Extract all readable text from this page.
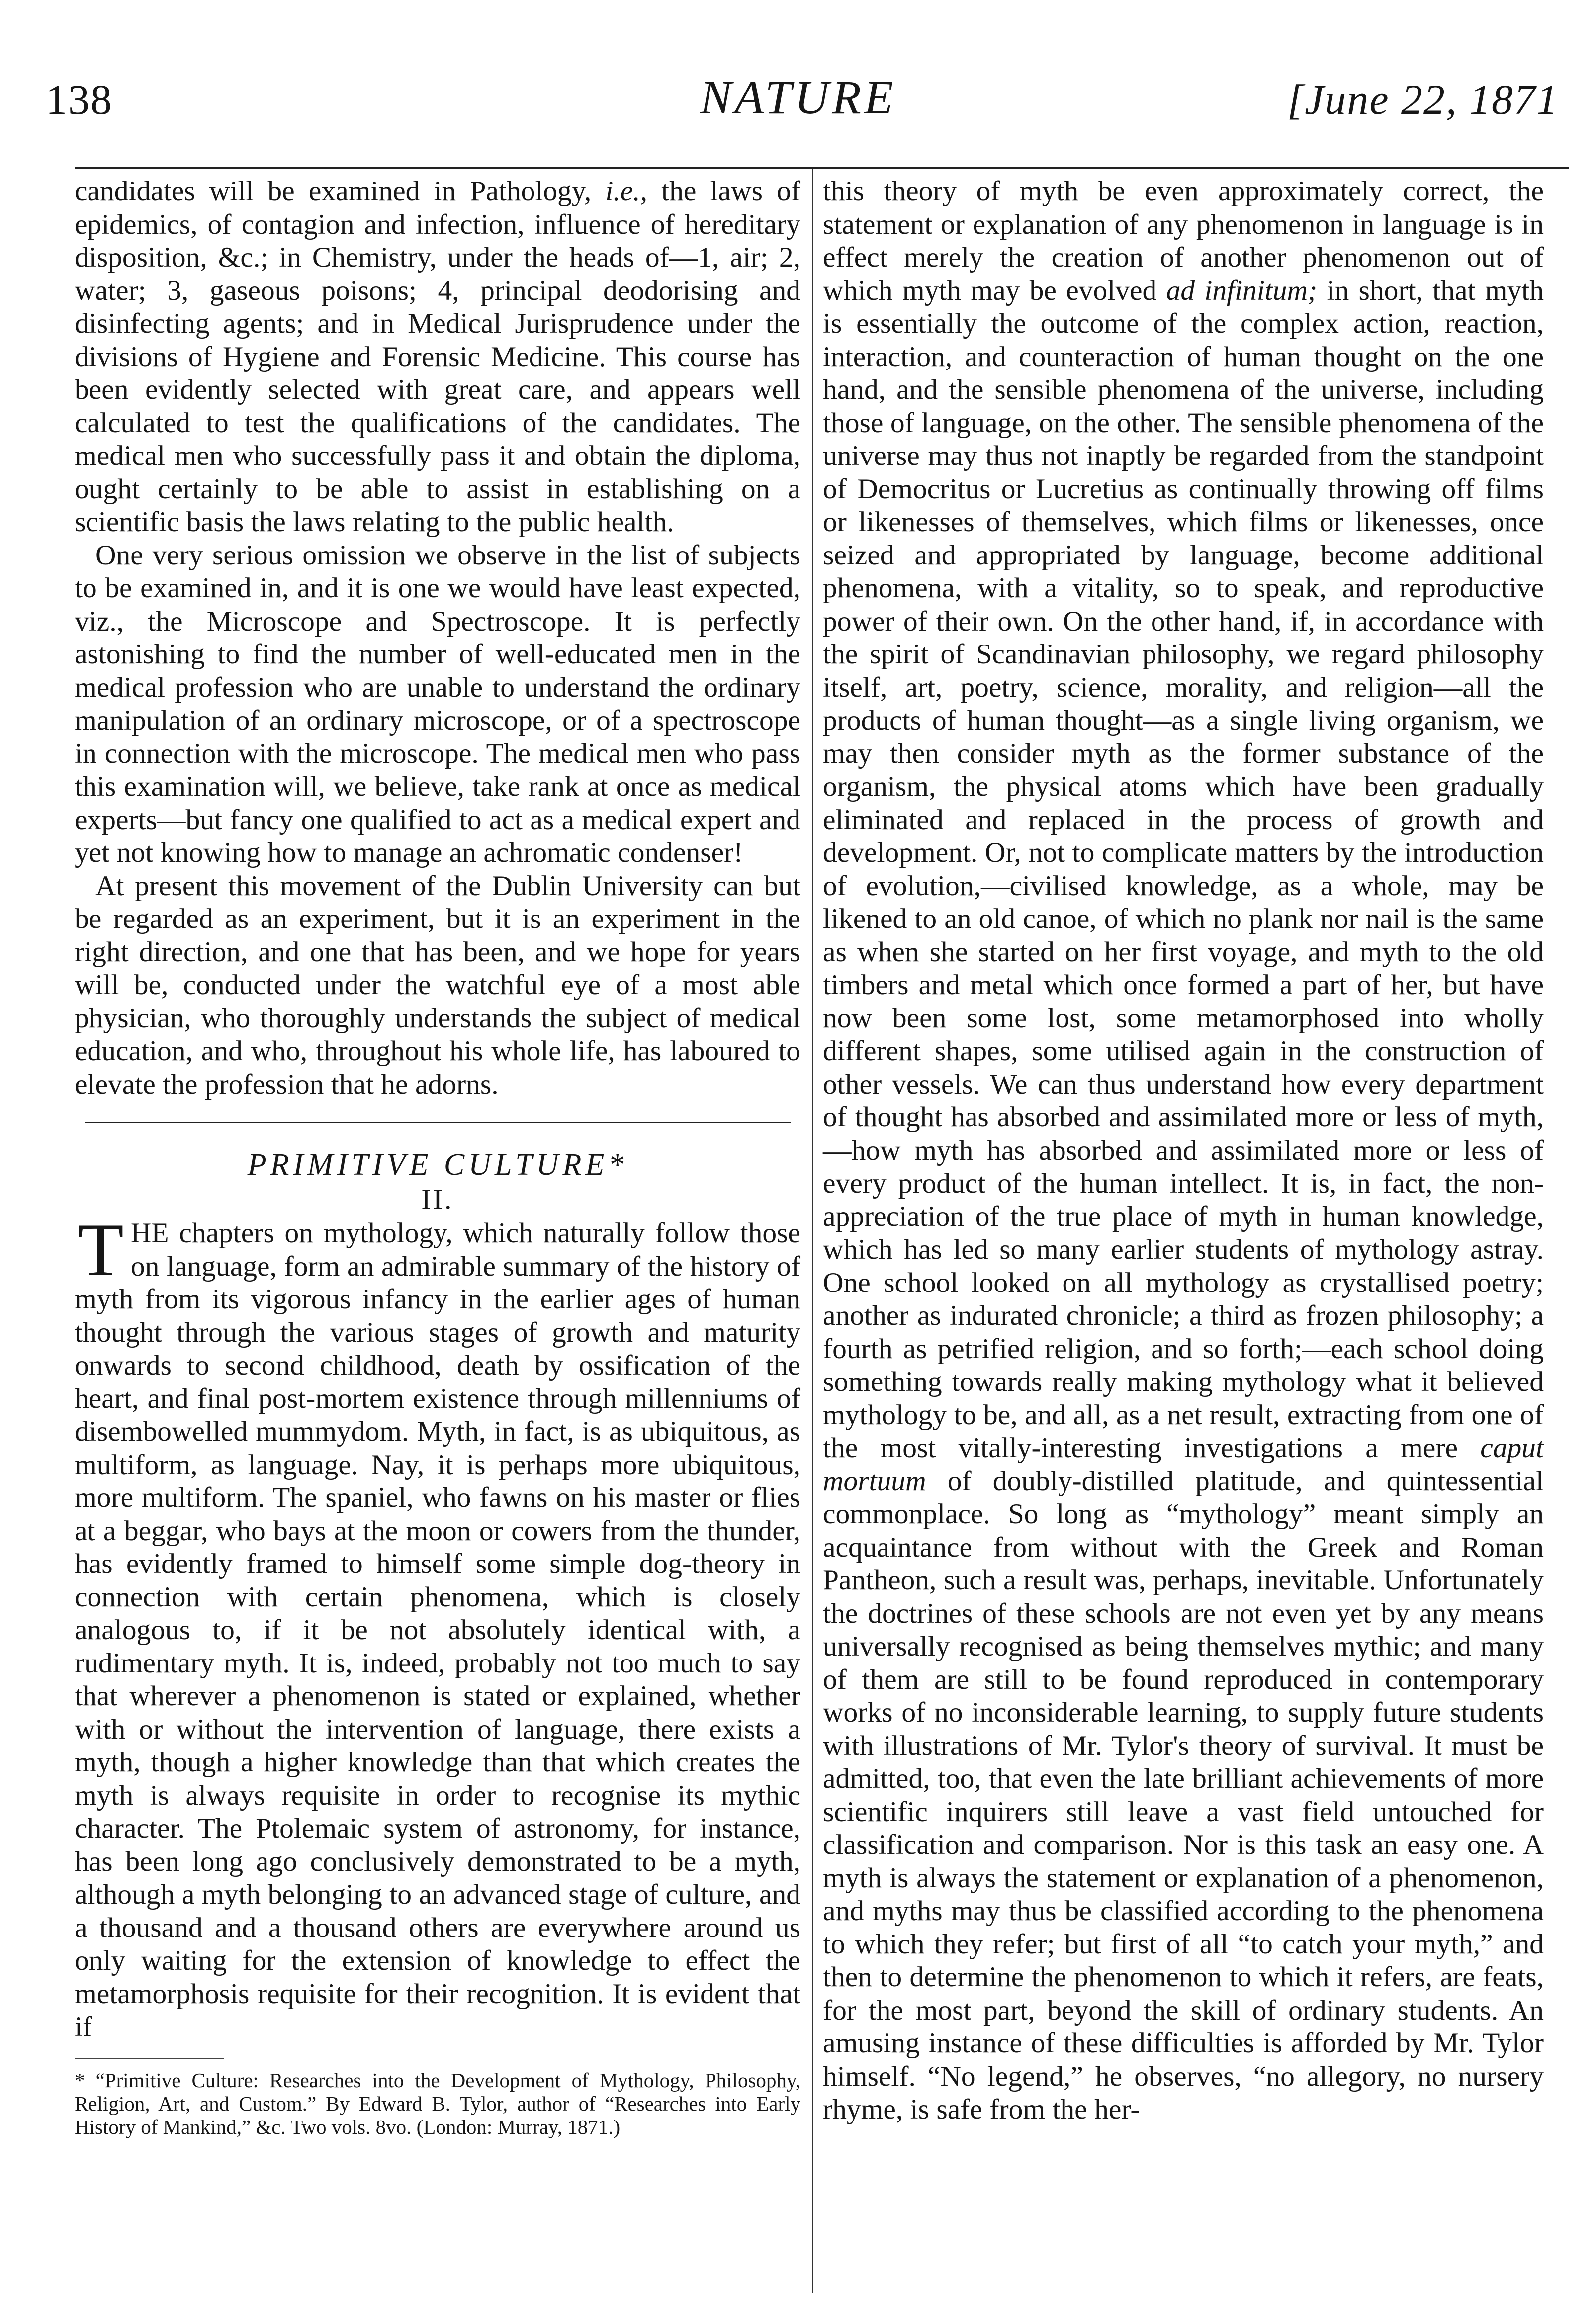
138	NATURE	[June 22, 1871

candidates will be examined in Pathology, i.e., the laws of epidemics, of contagion and infection, influence of hereditary disposition, &c.; in Chemistry, under the heads of—1, air; 2, water; 3, gaseous poisons; 4, principal deodorising and disinfecting agents; and in Medical Jurisprudence under the divisions of Hygiene and Forensic Medicine. This course has been evidently selected with great care, and appears well calculated to test the qualifications of the candidates. The medical men who successfully pass it and obtain the diploma, ought certainly to be able to assist in establishing on a scientific basis the laws relating to the public health.

One very serious omission we observe in the list of subjects to be examined in, and it is one we would have least expected, viz., the Microscope and Spectroscope. It is perfectly astonishing to find the number of well-educated men in the medical profession who are unable to understand the ordinary manipulation of an ordinary microscope, or of a spectroscope in connection with the microscope. The medical men who pass this examination will, we believe, take rank at once as medical experts—but fancy one qualified to act as a medical expert and yet not knowing how to manage an achromatic condenser!

At present this movement of the Dublin University can but be regarded as an experiment, but it is an experiment in the right direction, and one that has been, and we hope for years will be, conducted under the watchful eye of a most able physician, who thoroughly understands the subject of medical education, and who, throughout his whole life, has laboured to elevate the profession that he adorns.

PRIMITIVE CULTURE*

II.

THE chapters on mythology, which naturally follow those on language, form an admirable summary of the history of myth from its vigorous infancy in the earlier ages of human thought through the various stages of growth and maturity onwards to second childhood, death by ossification of the heart, and final post-mortem existence through millenniums of disembowelled mummydom. Myth, in fact, is as ubiquitous, as multiform, as language. Nay, it is perhaps more ubiquitous, more multiform. The spaniel, who fawns on his master or flies at a beggar, who bays at the moon or cowers from the thunder, has evidently framed to himself some simple dog-theory in connection with certain phenomena, which is closely analogous to, if it be not absolutely identical with, a rudimentary myth. It is, indeed, probably not too much to say that wherever a phenomenon is stated or explained, whether with or without the intervention of language, there exists a myth, though a higher knowledge than that which creates the myth is always requisite in order to recognise its mythic character. The Ptolemaic system of astronomy, for instance, has been long ago conclusively demonstrated to be a myth, although a myth belonging to an advanced stage of culture, and a thousand and a thousand others are everywhere around us only waiting for the extension of knowledge to effect the metamorphosis requisite for their recognition. It is evident that if

* “Primitive Culture: Researches into the Development of Mythology, Philosophy, Religion, Art, and Custom.” By Edward B. Tylor, author of “Researches into Early History of Mankind,” &c. Two vols. 8vo. (London: Murray, 1871.)

this theory of myth be even approximately correct, the statement or explanation of any phenomenon in language is in effect merely the creation of another phenomenon out of which myth may be evolved ad infinitum; in short, that myth is essentially the outcome of the complex action, reaction, interaction, and counteraction of human thought on the one hand, and the sensible phenomena of the universe, including those of language, on the other. The sensible phenomena of the universe may thus not inaptly be regarded from the standpoint of Democritus or Lucretius as continually throwing off films or likenesses of themselves, which films or likenesses, once seized and appropriated by language, become additional phenomena, with a vitality, so to speak, and reproductive power of their own. On the other hand, if, in accordance with the spirit of Scandinavian philosophy, we regard philosophy itself, art, poetry, science, morality, and religion—all the products of human thought—as a single living organism, we may then consider myth as the former substance of the organism, the physical atoms which have been gradually eliminated and replaced in the process of growth and development. Or, not to complicate matters by the introduction of evolution,—civilised knowledge, as a whole, may be likened to an old canoe, of which no plank nor nail is the same as when she started on her first voyage, and myth to the old timbers and metal which once formed a part of her, but have now been some lost, some metamorphosed into wholly different shapes, some utilised again in the construction of other vessels. We can thus understand how every department of thought has absorbed and assimilated more or less of myth,—how myth has absorbed and assimilated more or less of every product of the human intellect. It is, in fact, the non-appreciation of the true place of myth in human knowledge, which has led so many earlier students of mythology astray. One school looked on all mythology as crystallised poetry; another as indurated chronicle; a third as frozen philosophy; a fourth as petrified religion, and so forth;—each school doing something towards really making mythology what it believed mythology to be, and all, as a net result, extracting from one of the most vitally-interesting investigations a mere caput mortuum of doubly-distilled platitude, and quintessential commonplace. So long as “mythology” meant simply an acquaintance from without with the Greek and Roman Pantheon, such a result was, perhaps, inevitable. Unfortunately the doctrines of these schools are not even yet by any means universally recognised as being themselves mythic; and many of them are still to be found reproduced in contemporary works of no inconsiderable learning, to supply future students with illustrations of Mr. Tylor's theory of survival. It must be admitted, too, that even the late brilliant achievements of more scientific inquirers still leave a vast field untouched for classification and comparison. Nor is this task an easy one. A myth is always the statement or explanation of a phenomenon, and myths may thus be classified according to the phenomena to which they refer; but first of all “to catch your myth,” and then to determine the phenomenon to which it refers, are feats, for the most part, beyond the skill of ordinary students. An amusing instance of these difficulties is afforded by Mr. Tylor himself. “No legend,” he observes, “no allegory, no nursery rhyme, is safe from the her-
